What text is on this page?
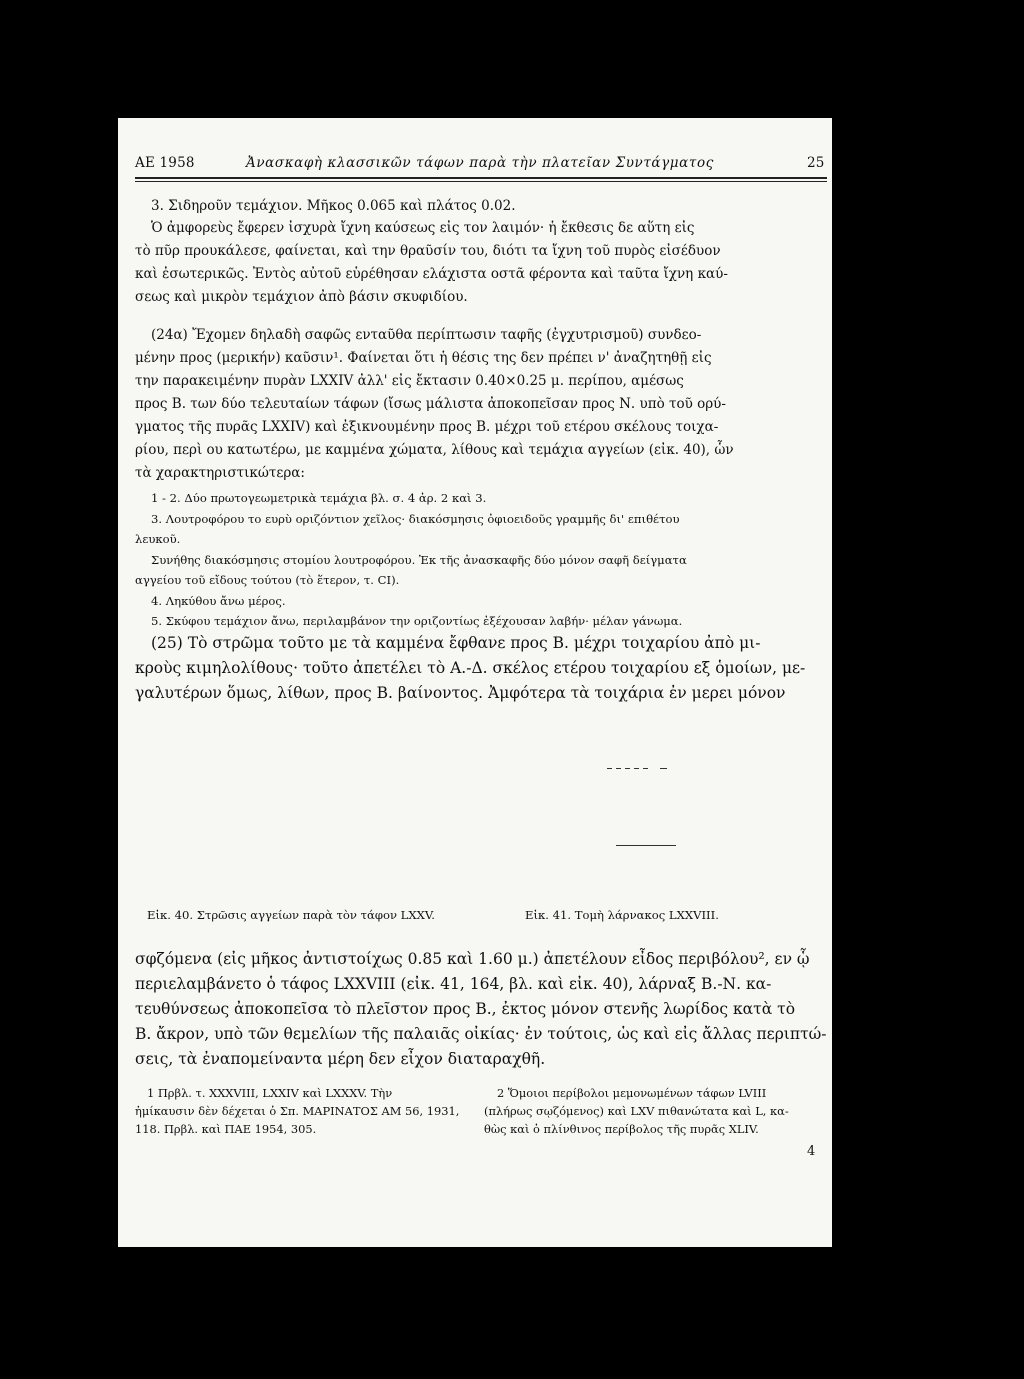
ΑΕ 1958	Ἀνασκαφὴ κλασσικῶν τάφων παρὰ τὴν πλατεῖαν Συντάγματος	25
3. Σιδηροῦν τεμάχιον. Μῆκος 0.065 καὶ πλάτος 0.02.
Ὁ ἀμφορεὺς ἔφερεν ἰσχυρὰ ἴχνη καύσεως εἰς τον λαιμόν· ἡ ἔκθεσις δε αὕτη εἰς
τὸ πῦρ προυκάλεσε, φαίνεται, καὶ την θραῦσίν του, διότι τα ἴχνη τοῦ πυρὸς εἰσέδυον
καὶ ἐσωτερικῶς. Ἐντὸς αὐτοῦ εὑρέθησαν ελάχιστα οστᾶ φέροντα καὶ ταῦτα ἴχνη καύ-
σεως καὶ μικρὸν τεμάχιον ἀπὸ βάσιν σκυφιδίου.
(24α) Ἔχομεν δηλαδὴ σαφῶς ενταῦθα περίπτωσιν ταφῆς (ἐγχυτρισμοῦ) συνδεο-
μένην προς (μερικήν) καῦσιν¹. Φαίνεται ὅτι ἡ θέσις της δεν πρέπει ν' ἀναζητηθῇ εἰς
την παρακειμένην πυρὰν LXXIV ἀλλ' εἰς ἔκτασιν 0.40×0.25 μ. περίπου, αμέσως
προς Β. των δύο τελευταίων τάφων (ἴσως μάλιστα ἀποκοπεῖσαν προς Ν. υπὸ τοῦ ορύ-
γματος τῆς πυρᾶς LXXIV) καὶ ἐξικνουμένην προς Β. μέχρι τοῦ ετέρου σκέλους τοιχα-
ρίου, περὶ ου κατωτέρω, με καμμένα χώματα, λίθους καὶ τεμάχια αγγείων (εἰκ. 40), ὧν
τὰ χαρακτηριστικώτερα:
1 - 2. Δύο πρωτογεωμετρικὰ τεμάχια βλ. σ. 4 ἀρ. 2 καὶ 3.
3. Λουτροφόρου το ευρὺ οριζόντιον χεῖλος· διακόσμησις ὀφιοειδοῦς γραμμῆς δι' επιθέτου
λευκοῦ.
Συνήθης διακόσμησις στομίου λουτροφόρου. Ἐκ τῆς ἀνασκαφῆς δύο μόνον σαφῆ δείγματα
αγγείου τοῦ εἴδους τούτου (τὸ ἕτερον, τ. CI).
4. Ληκύθου ἄνω μέρος.
5. Σκύφου τεμάχιον ἄνω, περιλαμβάνον την οριζοντίως ἐξέχουσαν λαβήν· μέλαν γάνωμα.
(25) Τὸ στρῶμα τοῦτο με τὰ καμμένα ἔφθανε προς Β. μέχρι τοιχαρίου ἀπὸ μι-
κροὺς κιμηλολίθους· τοῦτο ἀπετέλει τὸ Α.-Δ. σκέλος ετέρου τοιχαρίου εξ ὁμοίων, με-
γαλυτέρων ὅμως, λίθων, προς Β. βαίνοντος. Ἀμφότερα τὰ τοιχάρια ἐν μερει μόνον
Εἰκ. 40. Στρῶσις αγγείων παρὰ τὸν τάφον LXXV.	Εἰκ. 41. Τομὴ λάρνακος LXXVIII.
σφζόμενα (εἰς μῆκος ἀντιστοίχως 0.85 καὶ 1.60 μ.) ἀπετέλουν εἶδος περιβόλου², εν ᾧ
περιελαμβάνετο ὁ τάφος LXXVIII (εἰκ. 41, 164, βλ. καὶ εἰκ. 40), λάρναξ Β.-Ν. κα-
τευθύνσεως ἀποκοπεῖσα τὸ πλεῖστον προς Β., ἐκτος μόνον στενῆς λωρίδος κατὰ τὸ
Β. ἄκρον, υπὸ τῶν θεμελίων τῆς παλαιᾶς οἰκίας· ἐν τούτοις, ὡς καὶ εἰς ἄλλας περιπτώ-
σεις, τὰ ἐναπομείναντα μέρη δεν εἶχον διαταραχθῆ.
1 Πρβλ. τ. XXXVIII, LXXIV καὶ LXXXV. Τὴν
ἡμίκαυσιν δὲν δέχεται ὁ Σπ. ΜΑΡΙΝΑΤΟΣ ΑΜ 56, 1931,
118. Πρβλ. καὶ ΠΑΕ 1954, 305.
2 Ὅμοιοι περίβολοι μεμονωμένων τάφων LVIII
(πλήρως σῳζόμενος) καὶ LXV πιθανώτατα καὶ L, κα-
θὼς καὶ ὁ πλίνθινος περίβολος τῆς πυρᾶς XLIV.
4
